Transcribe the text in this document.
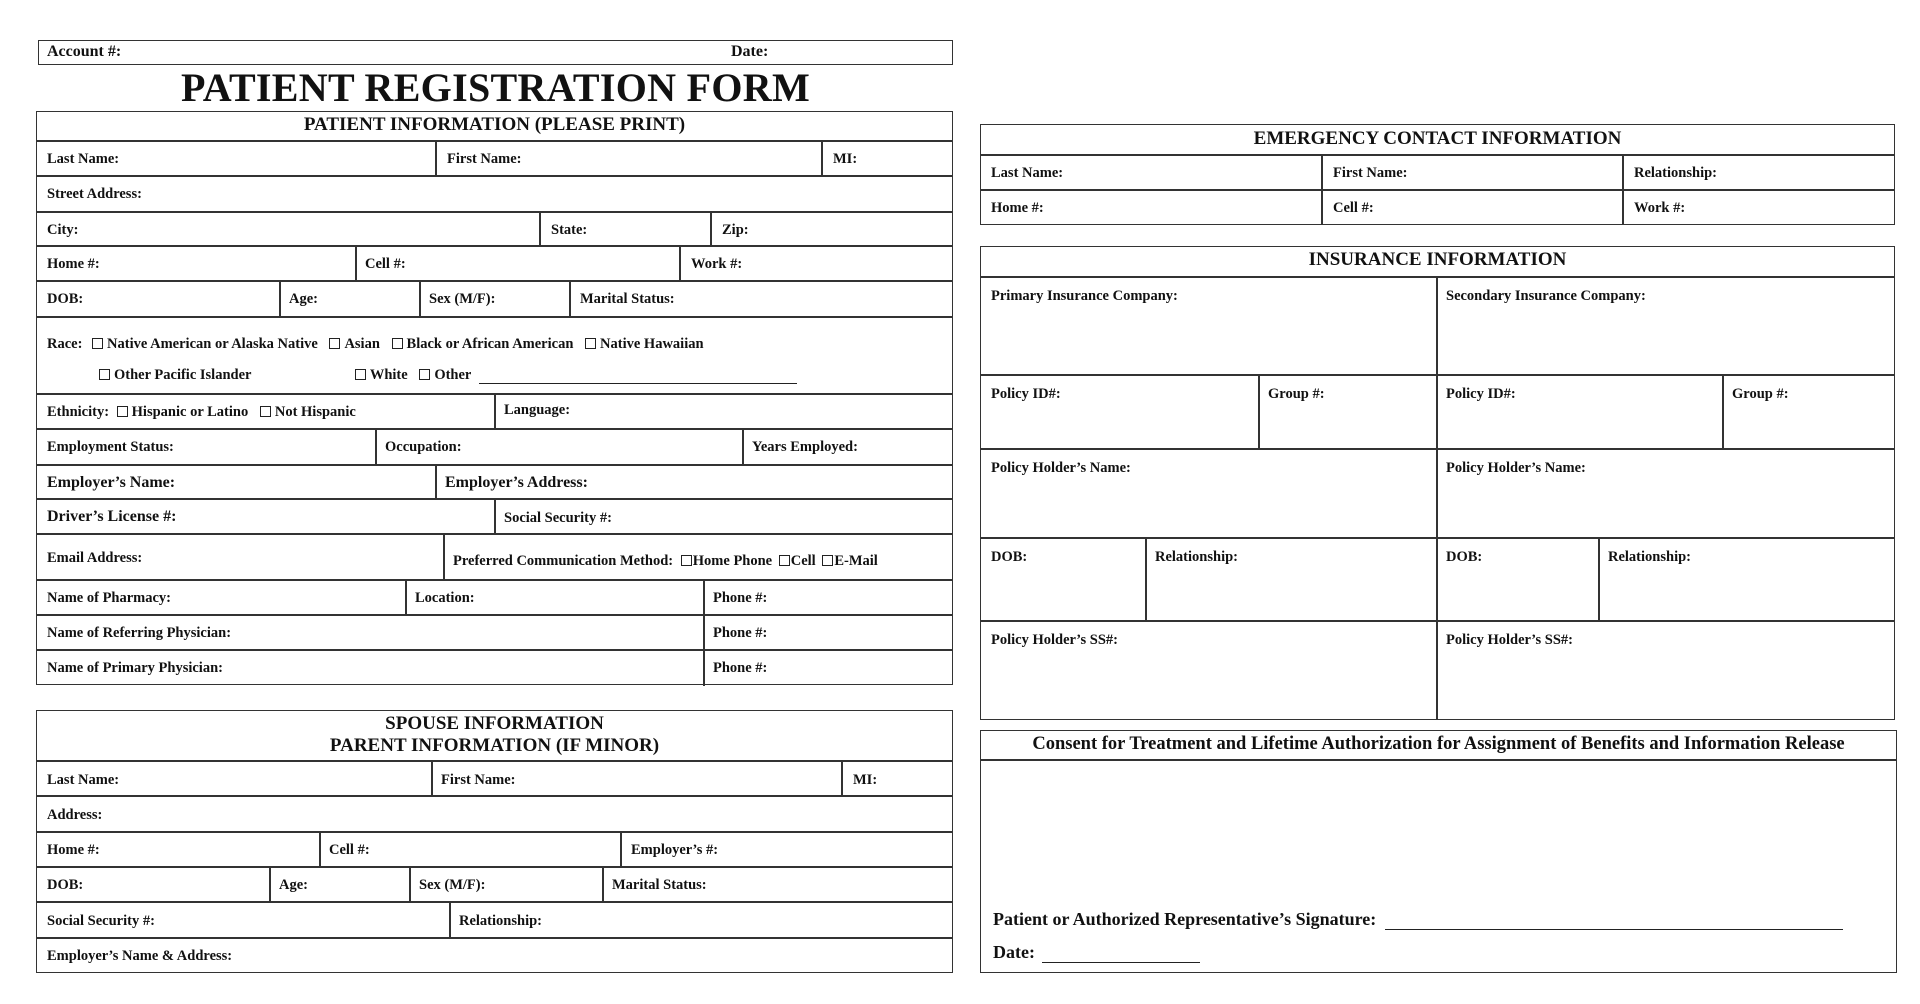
Account #:	Date:
PATIENT REGISTRATION FORM
PATIENT INFORMATION (PLEASE PRINT)
Last Name:	First Name:	MI:
Street Address:
City:	State:	Zip:
Home #:	Cell #:	Work #:
DOB:	Age:	Sex (M/F):	Marital Status:
Race: Native American or Alaska Native Asian Black or African American Native Hawaiian
Other Pacific Islander	White Other
Ethnicity: Hispanic or Latino Not Hispanic	Language:
Employment Status:	Occupation:	Years Employed:
Employer’s Name:	Employer’s Address:
Driver’s License #:	Social Security #:
Email Address:	Preferred Communication Method: Home Phone Cell E-Mail
Name of Pharmacy:	Location:	Phone #:
Name of Referring Physician:	Phone #:
Name of Primary Physician:	Phone #:
SPOUSE INFORMATION
PARENT INFORMATION (IF MINOR)
Last Name:	First Name:	MI:
Address:
Home #:	Cell #:	Employer’s #:
DOB:	Age:	Sex (M/F):	Marital Status:
Social Security #:	Relationship:
Employer’s Name & Address:
EMERGENCY CONTACT INFORMATION
Last Name:	First Name:	Relationship:
Home #:	Cell #:	Work #:
INSURANCE INFORMATION
Primary Insurance Company:	Secondary Insurance Company:
Policy ID#:	Group #:	Policy ID#:	Group #:
Policy Holder’s Name:	Policy Holder’s Name:
DOB:	Relationship:	DOB:	Relationship:
Policy Holder’s SS#:	Policy Holder’s SS#:
Consent for Treatment and Lifetime Authorization for Assignment of Benefits and Information Release
Patient or Authorized Representative’s Signature:
Date:
